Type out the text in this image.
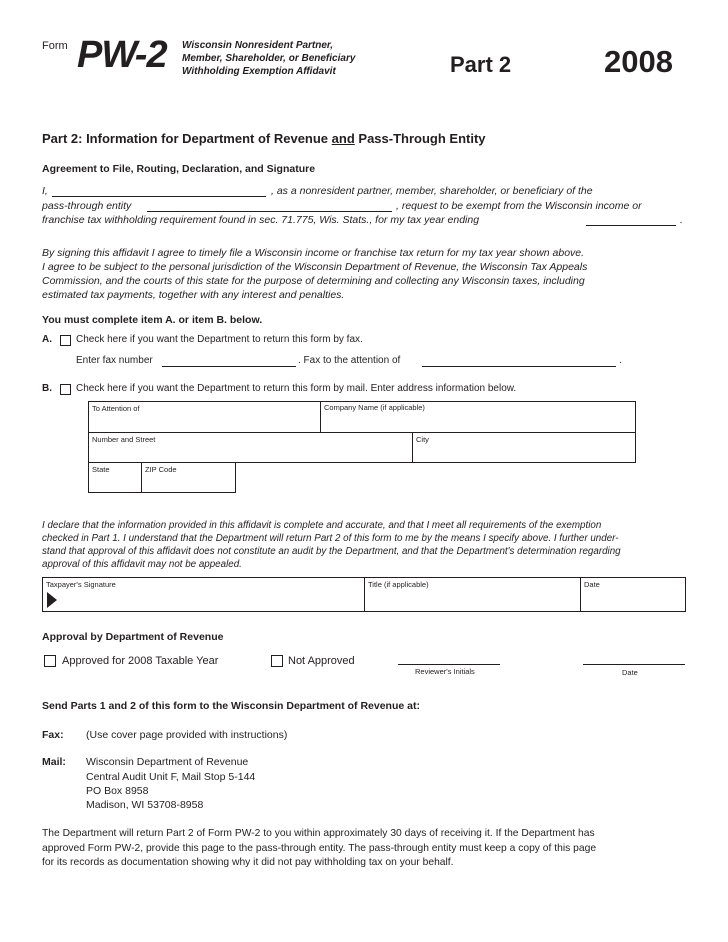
Form PW-2 Wisconsin Nonresident Partner,
Member, Shareholder, or Beneficiary
Withholding Exemption Affidavit	Part 2	2008
Part 2: Information for Department of Revenue and Pass-Through Entity
Agreement to File, Routing, Declaration, and Signature
I,	, as a nonresident partner, member, shareholder, or beneficiary of the
pass-through entity	, request to be exempt from the Wisconsin income or
franchise tax withholding requirement found in sec. 71.775, Wis. Stats., for my tax year ending	.
By signing this affidavit I agree to timely file a Wisconsin income or franchise tax return for my tax year shown above.
I agree to be subject to the personal jurisdiction of the Wisconsin Department of Revenue, the Wisconsin Tax Appeals
Commission, and the courts of this state for the purpose of determining and collecting any Wisconsin taxes, including
estimated tax payments, together with any interest and penalties.
You must complete item A. or item B. below.
A. Check here if you want the Department to return this form by fax.
Enter fax number	. Fax to the attention of	.
B. Check here if you want the Department to return this form by mail. Enter address information below.
To Attention of	Company Name (if applicable)
Number and Street	City
State	ZIP Code
I declare that the information provided in this affidavit is complete and accurate, and that I meet all requirements of the exemption
checked in Part 1. I understand that the Department will return Part 2 of this form to me by the means I specify above. I further under-
stand that approval of this affidavit does not constitute an audit by the Department, and that the Department's determination regarding
approval of this affidavit may not be appealed.
Taxpayer's Signature	Title (if applicable)	Date
Approval by Department of Revenue
Approved for 2008 Taxable Year	Not Approved
Reviewer's Initials	Date
Send Parts 1 and 2 of this form to the Wisconsin Department of Revenue at:
Fax: (Use cover page provided with instructions)
Mail: Wisconsin Department of Revenue
Central Audit Unit F, Mail Stop 5-144
PO Box 8958
Madison, WI 53708-8958
The Department will return Part 2 of Form PW-2 to you within approximately 30 days of receiving it. If the Department has
approved Form PW-2, provide this page to the pass-through entity. The pass-through entity must keep a copy of this page
for its records as documentation showing why it did not pay withholding tax on your behalf.
